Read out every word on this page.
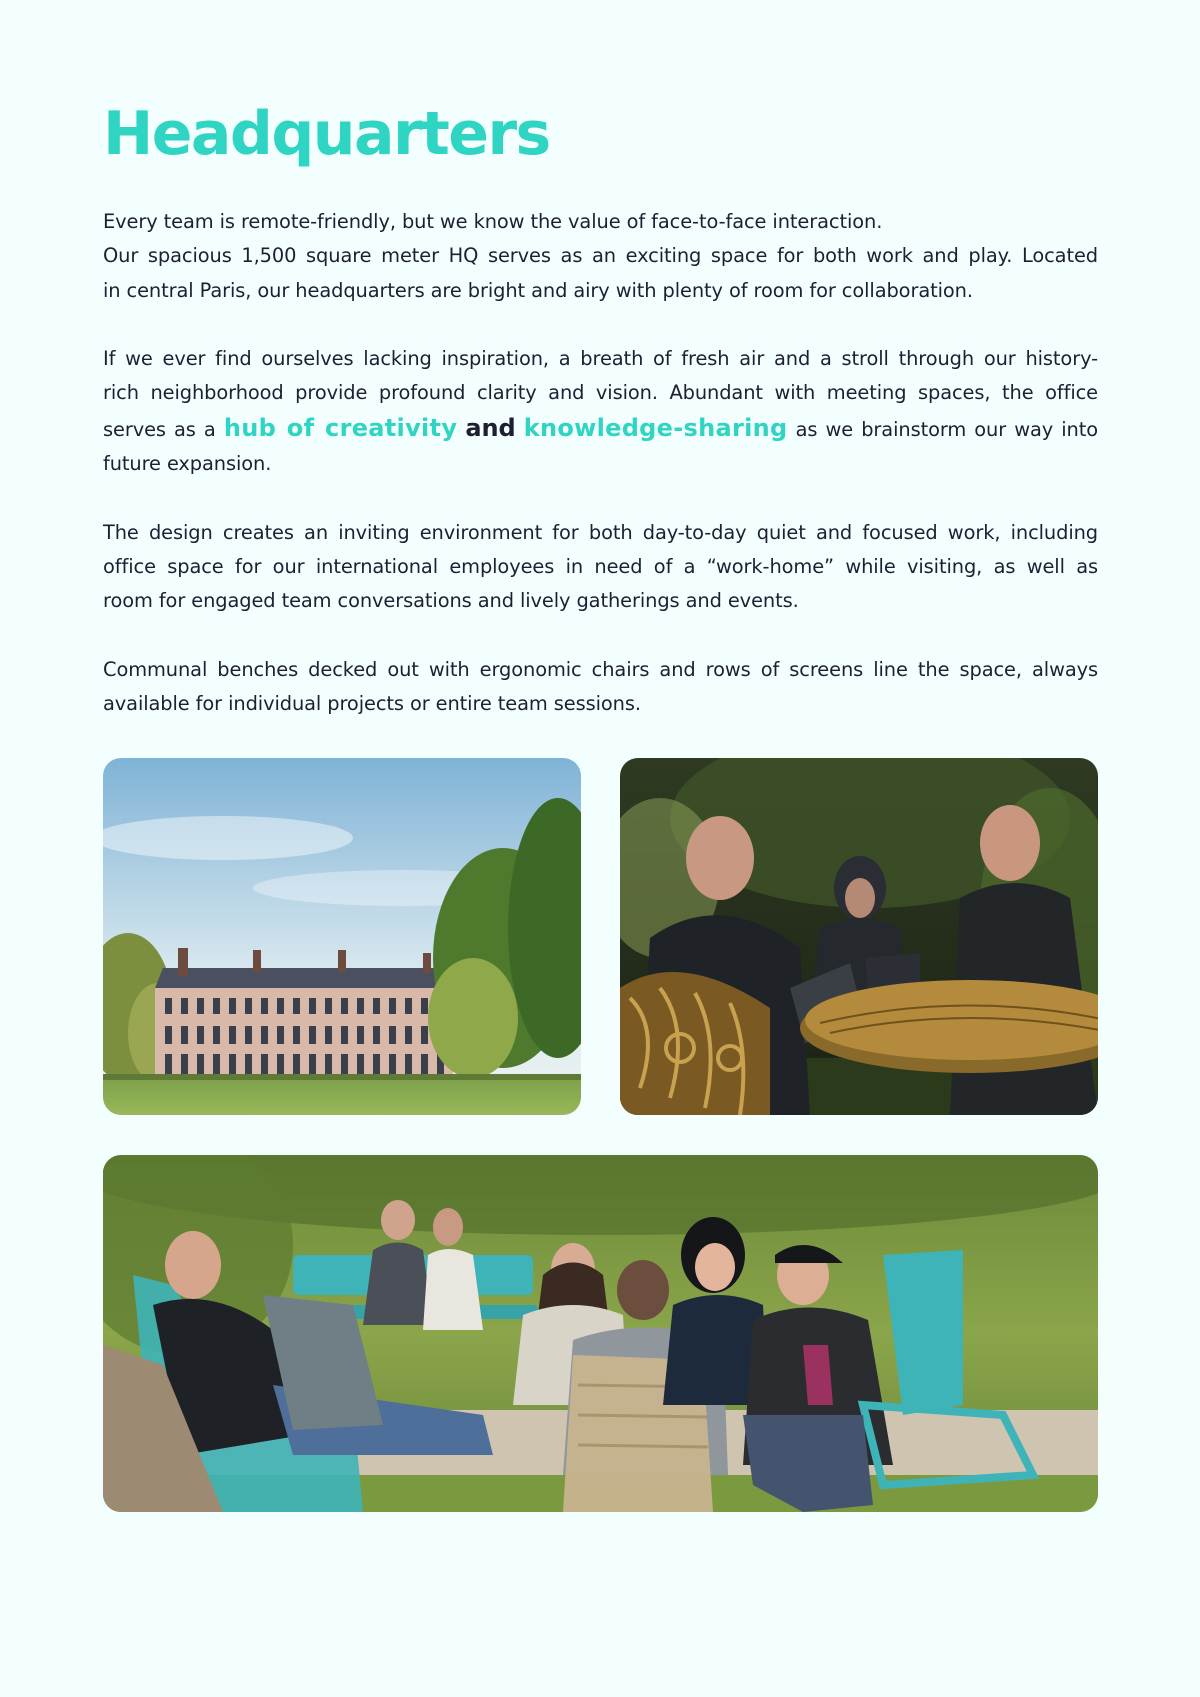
Headquarters

Every team is remote-friendly, but we know the value of face-to-face interaction.
Our spacious 1,500 square meter HQ serves as an exciting space for both work and play. Located
in central Paris, our headquarters are bright and airy with plenty of room for collaboration.

If we ever find ourselves lacking inspiration, a breath of fresh air and a stroll through our history-
rich neighborhood provide profound clarity and vision. Abundant with meeting spaces, the office
serves as a hub of creativity and knowledge-sharing as we brainstorm our way into
future expansion.

The design creates an inviting environment for both day-to-day quiet and focused work, including
office space for our international employees in need of a “work-home” while visiting, as well as
room for engaged team conversations and lively gatherings and events.

Communal benches decked out with ergonomic chairs and rows of screens line the space, always
available for individual projects or entire team sessions.
